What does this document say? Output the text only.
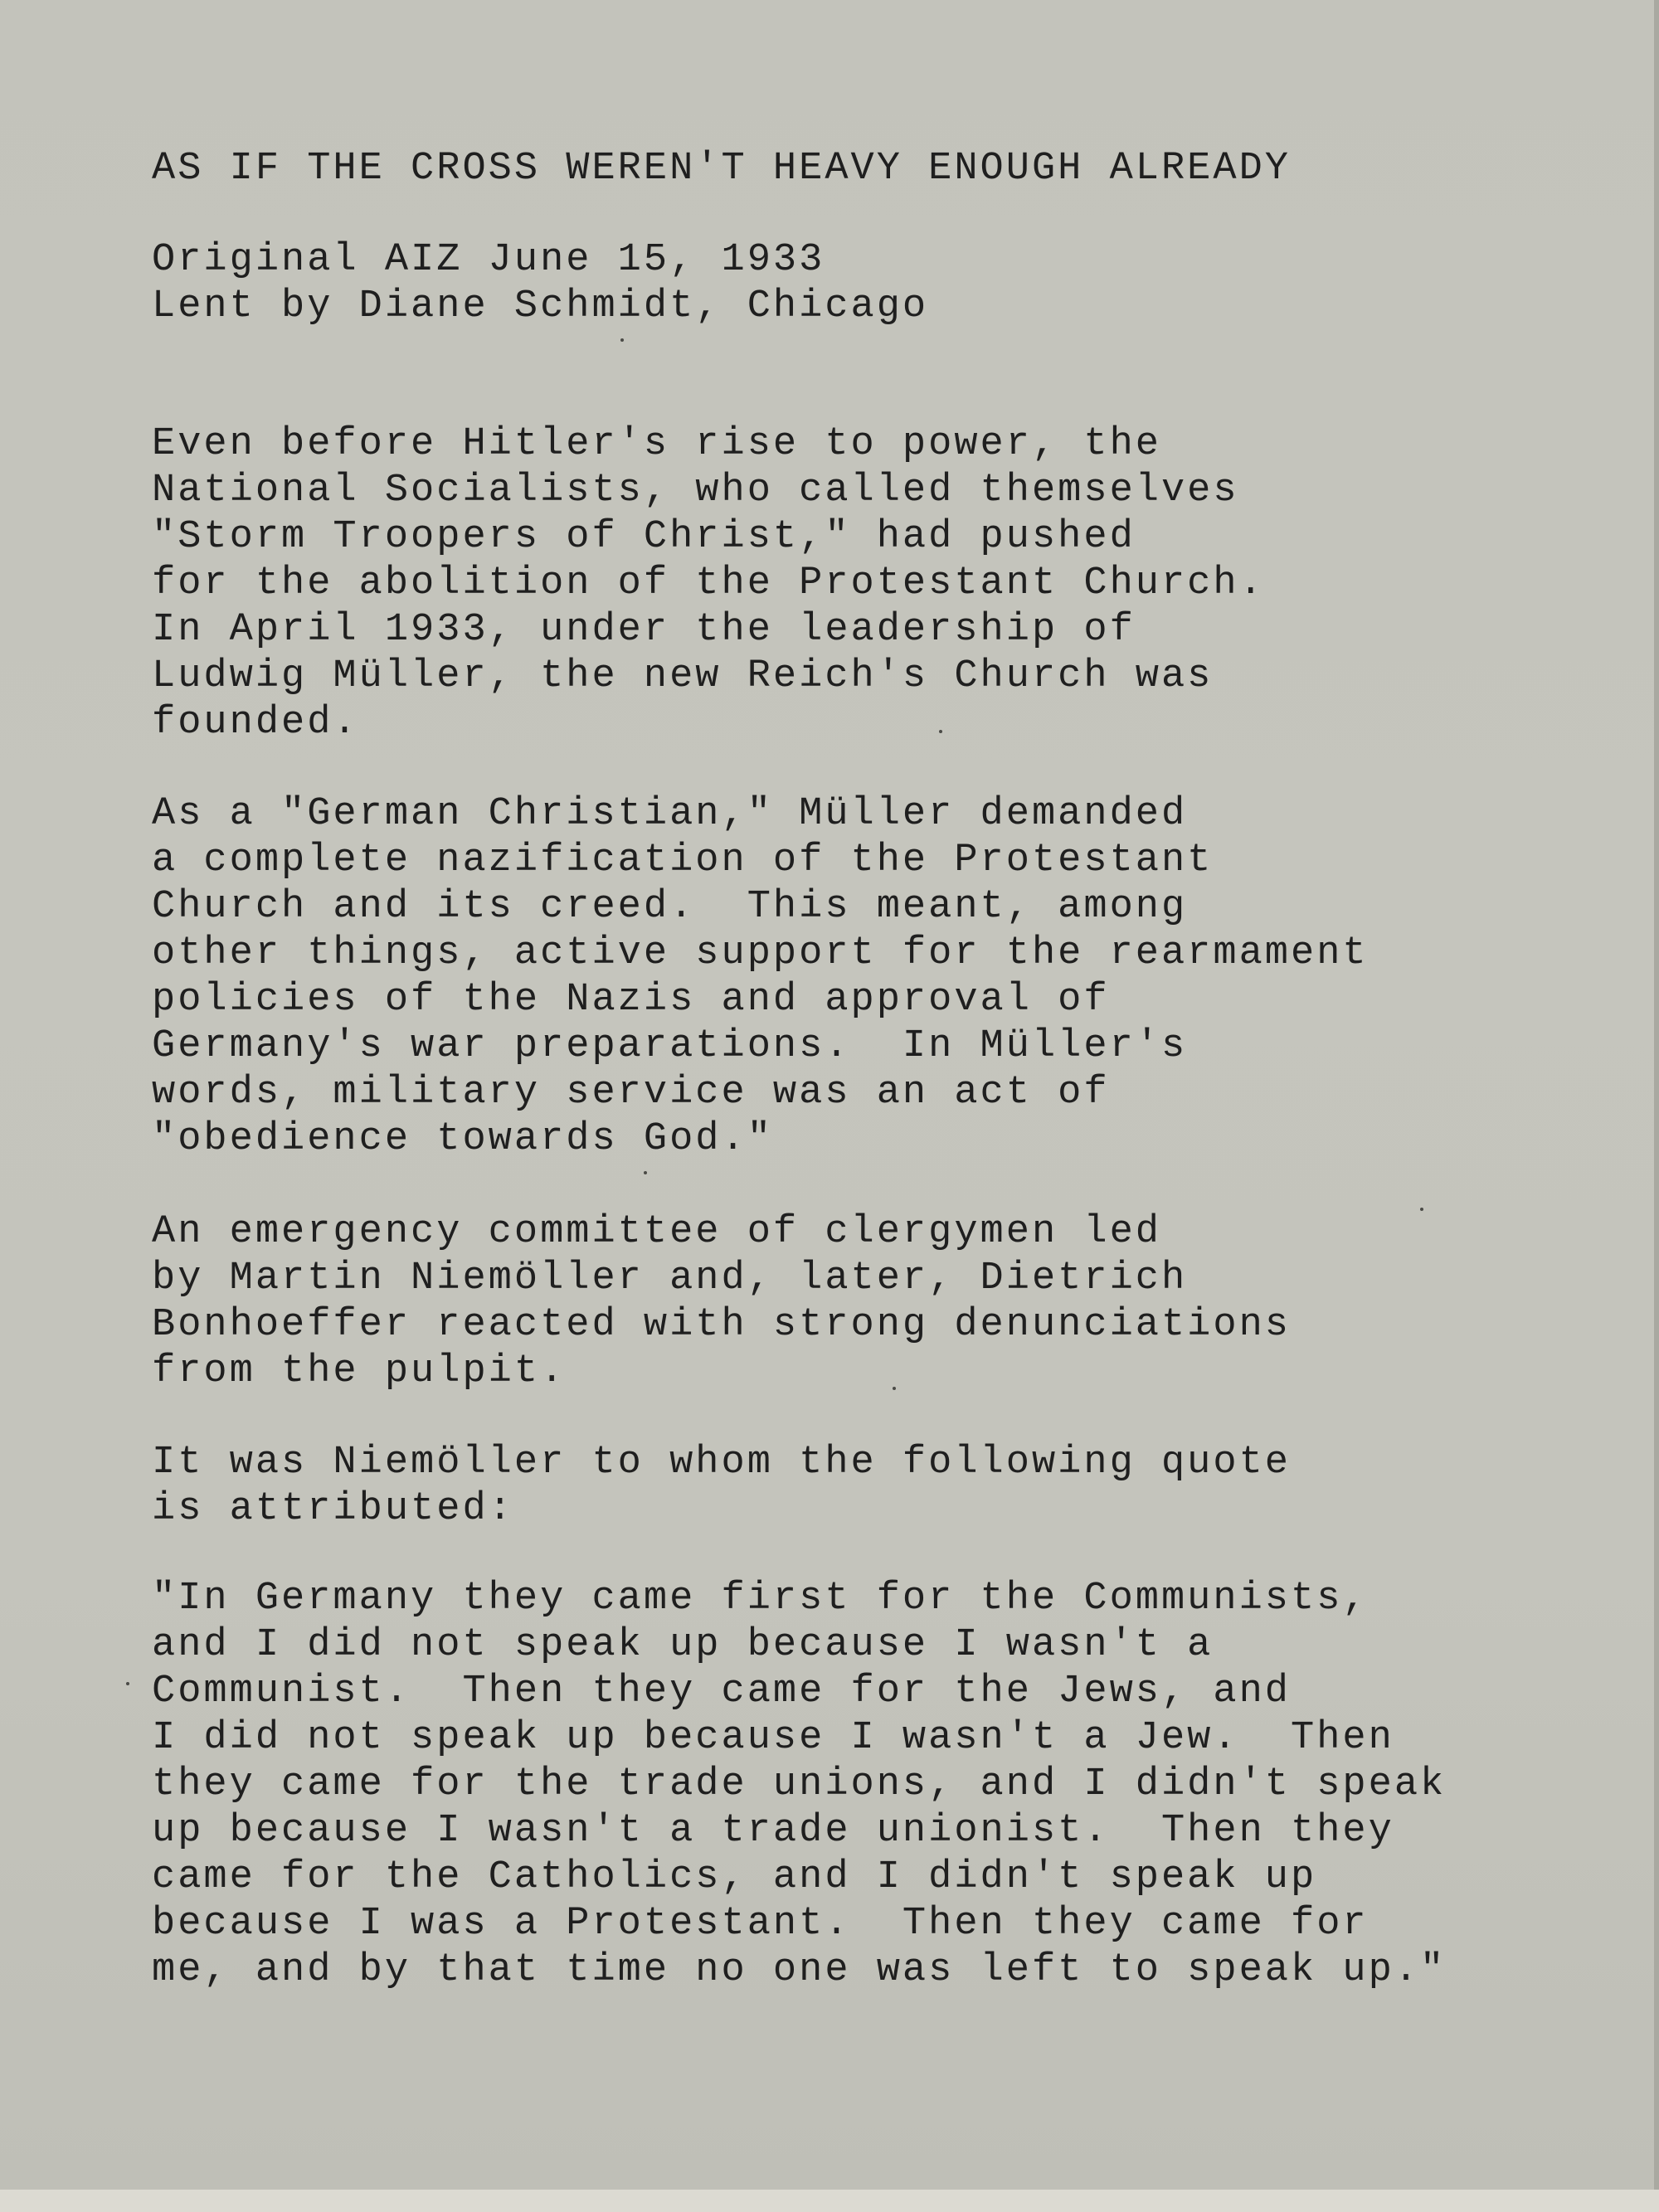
AS IF THE CROSS WEREN'T HEAVY ENOUGH ALREADY

Original AIZ June 15, 1933
Lent by Diane Schmidt, Chicago

Even before Hitler's rise to power, the
National Socialists, who called themselves
"Storm Troopers of Christ," had pushed
for the abolition of the Protestant Church.
In April 1933, under the leadership of
Ludwig Müller, the new Reich's Church was
founded.

As a "German Christian," Müller demanded
a complete nazification of the Protestant
Church and its creed.  This meant, among
other things, active support for the rearmament
policies of the Nazis and approval of
Germany's war preparations.  In Müller's
words, military service was an act of
"obedience towards God."

An emergency committee of clergymen led
by Martin Niemöller and, later, Dietrich
Bonhoeffer reacted with strong denunciations
from the pulpit.

It was Niemöller to whom the following quote
is attributed:

"In Germany they came first for the Communists,
and I did not speak up because I wasn't a
Communist.  Then they came for the Jews, and
I did not speak up because I wasn't a Jew.  Then
they came for the trade unions, and I didn't speak
up because I wasn't a trade unionist.  Then they
came for the Catholics, and I didn't speak up
because I was a Protestant.  Then they came for
me, and by that time no one was left to speak up."
